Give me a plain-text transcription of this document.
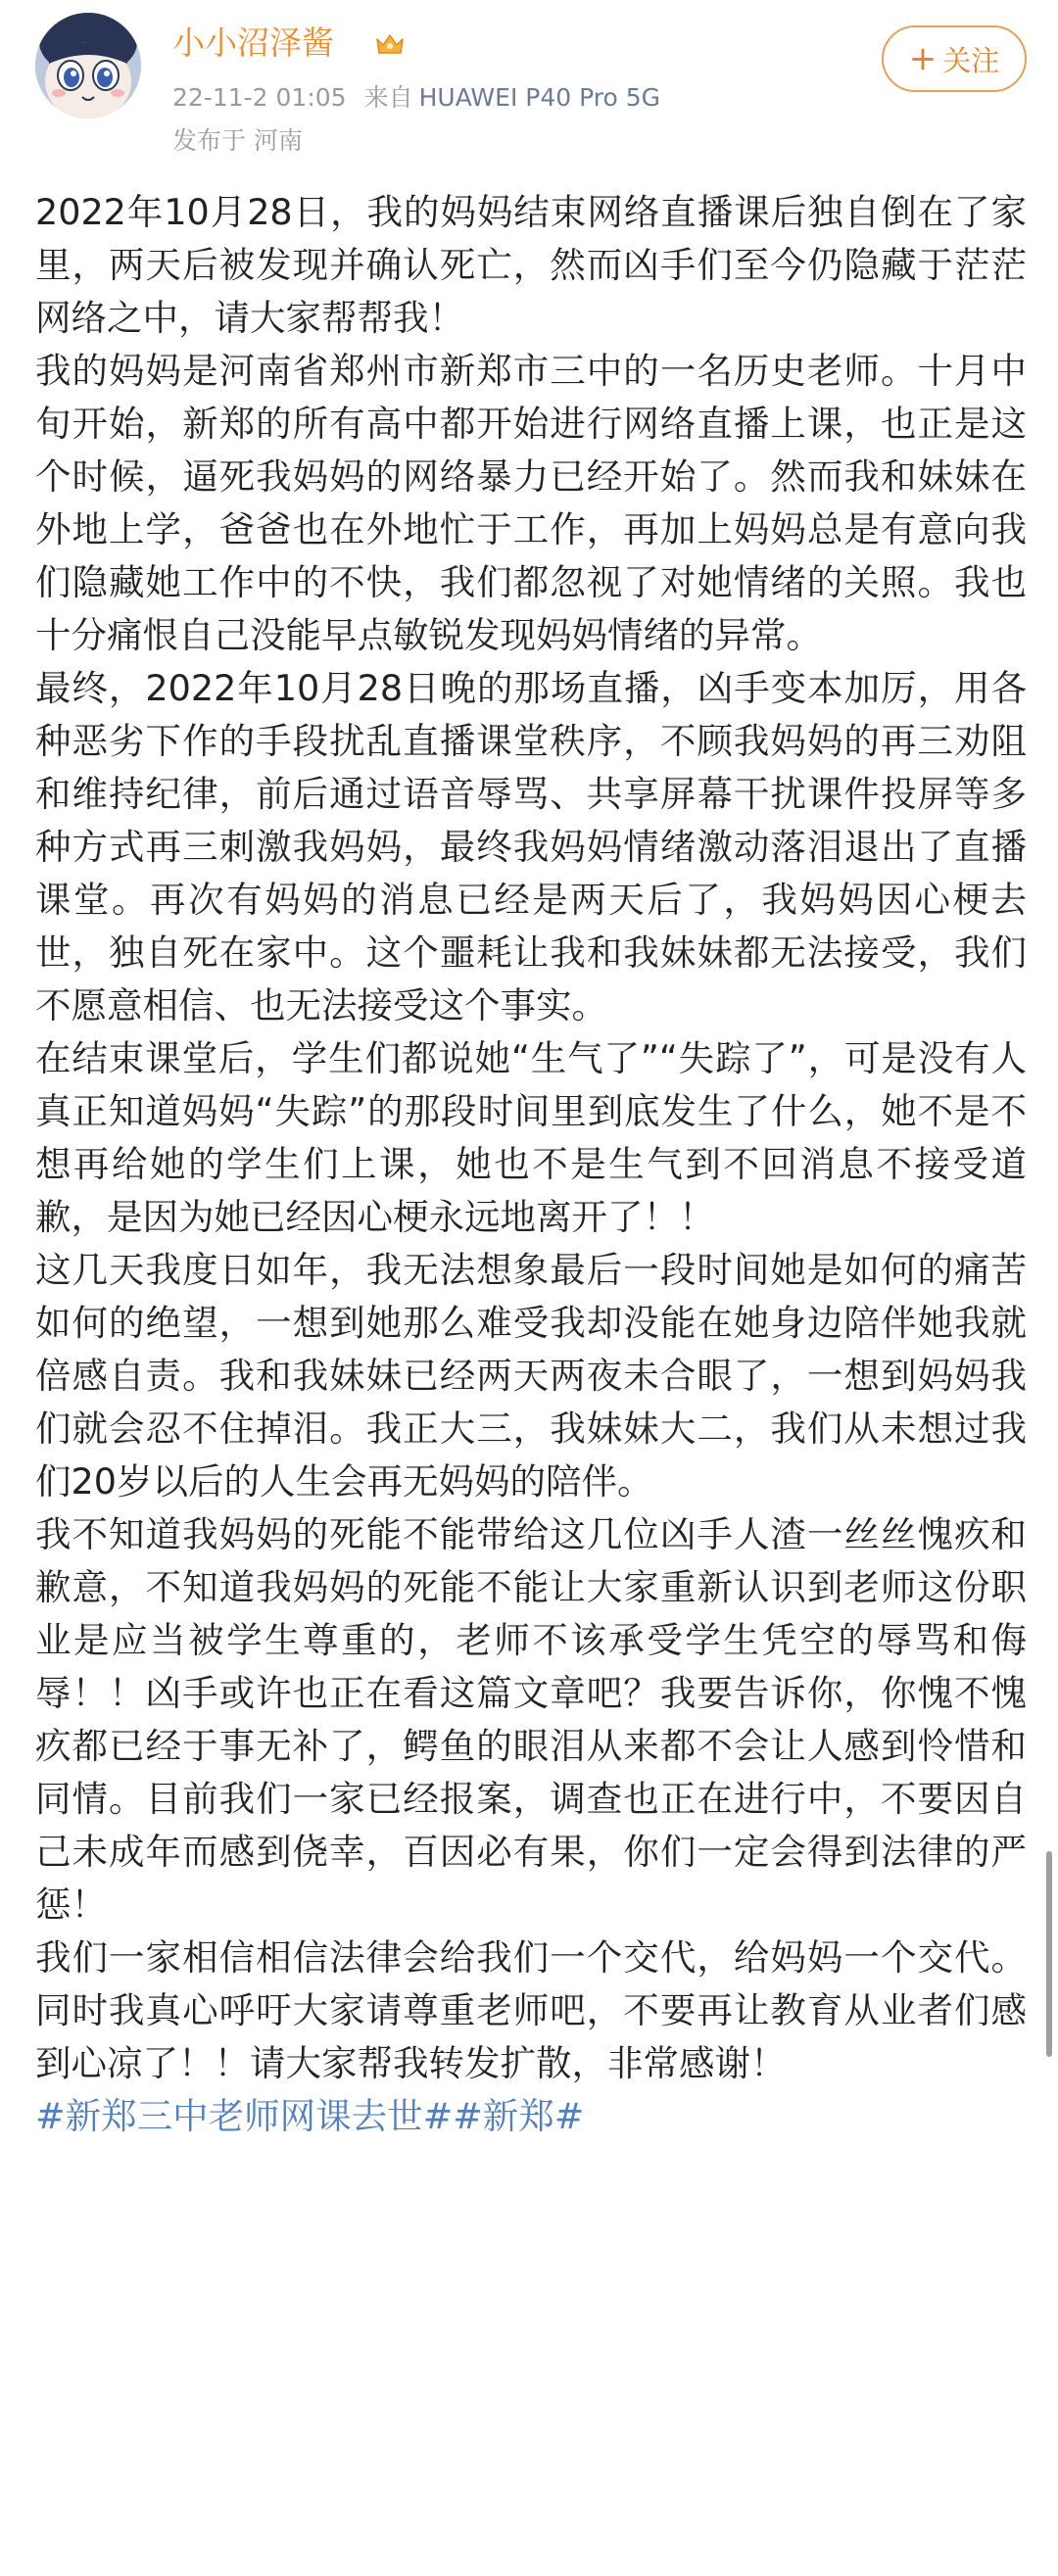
小小沼泽酱
22-11-2 01:05 来自 HUAWEI P40 Pro 5G
发布于 河南
+ 关注

2022年10月28日，我的妈妈结束网络直播课后独自倒在了家里，两天后被发现并确认死亡，然而凶手们至今仍隐藏于茫茫网络之中，请大家帮帮我！

我的妈妈是河南省郑州市新郑市三中的一名历史老师。十月中旬开始，新郑的所有高中都开始进行网络直播上课，也正是这个时候，逼死我妈妈的网络暴力已经开始了。然而我和妹妹在外地上学，爸爸也在外地忙于工作，再加上妈妈总是有意向我们隐藏她工作中的不快，我们都忽视了对她情绪的关照。我也十分痛恨自己没能早点敏锐发现妈妈情绪的异常。

最终，2022年10月28日晚的那场直播，凶手变本加厉，用各种恶劣下作的手段扰乱直播课堂秩序，不顾我妈妈的再三劝阻和维持纪律，前后通过语音辱骂、共享屏幕干扰课件投屏等多种方式再三刺激我妈妈，最终我妈妈情绪激动落泪退出了直播课堂。再次有妈妈的消息已经是两天后了，我妈妈因心梗去世，独自死在家中。这个噩耗让我和我妹妹都无法接受，我们不愿意相信、也无法接受这个事实。

在结束课堂后，学生们都说她“生气了”“失踪了”，可是没有人真正知道妈妈“失踪”的那段时间里到底发生了什么，她不是不想再给她的学生们上课，她也不是生气到不回消息不接受道歉，是因为她已经因心梗永远地离开了！！

这几天我度日如年，我无法想象最后一段时间她是如何的痛苦如何的绝望，一想到她那么难受我却没能在她身边陪伴她我就倍感自责。我和我妹妹已经两天两夜未合眼了，一想到妈妈我们就会忍不住掉泪。我正大三，我妹妹大二，我们从未想过我们20岁以后的人生会再无妈妈的陪伴。

我不知道我妈妈的死能不能带给这几位凶手人渣一丝丝愧疚和歉意，不知道我妈妈的死能不能让大家重新认识到老师这份职业是应当被学生尊重的，老师不该承受学生凭空的辱骂和侮辱！！凶手或许也正在看这篇文章吧？我要告诉你，你愧不愧疚都已经于事无补了，鳄鱼的眼泪从来都不会让人感到怜惜和同情。目前我们一家已经报案，调查也正在进行中，不要因自己未成年而感到侥幸，百因必有果，你们一定会得到法律的严惩！

我们一家相信相信法律会给我们一个交代，给妈妈一个交代。同时我真心呼吁大家请尊重老师吧，不要再让教育从业者们感到心凉了！！请大家帮我转发扩散，非常感谢！

#新郑三中老师网课去世##新郑#
